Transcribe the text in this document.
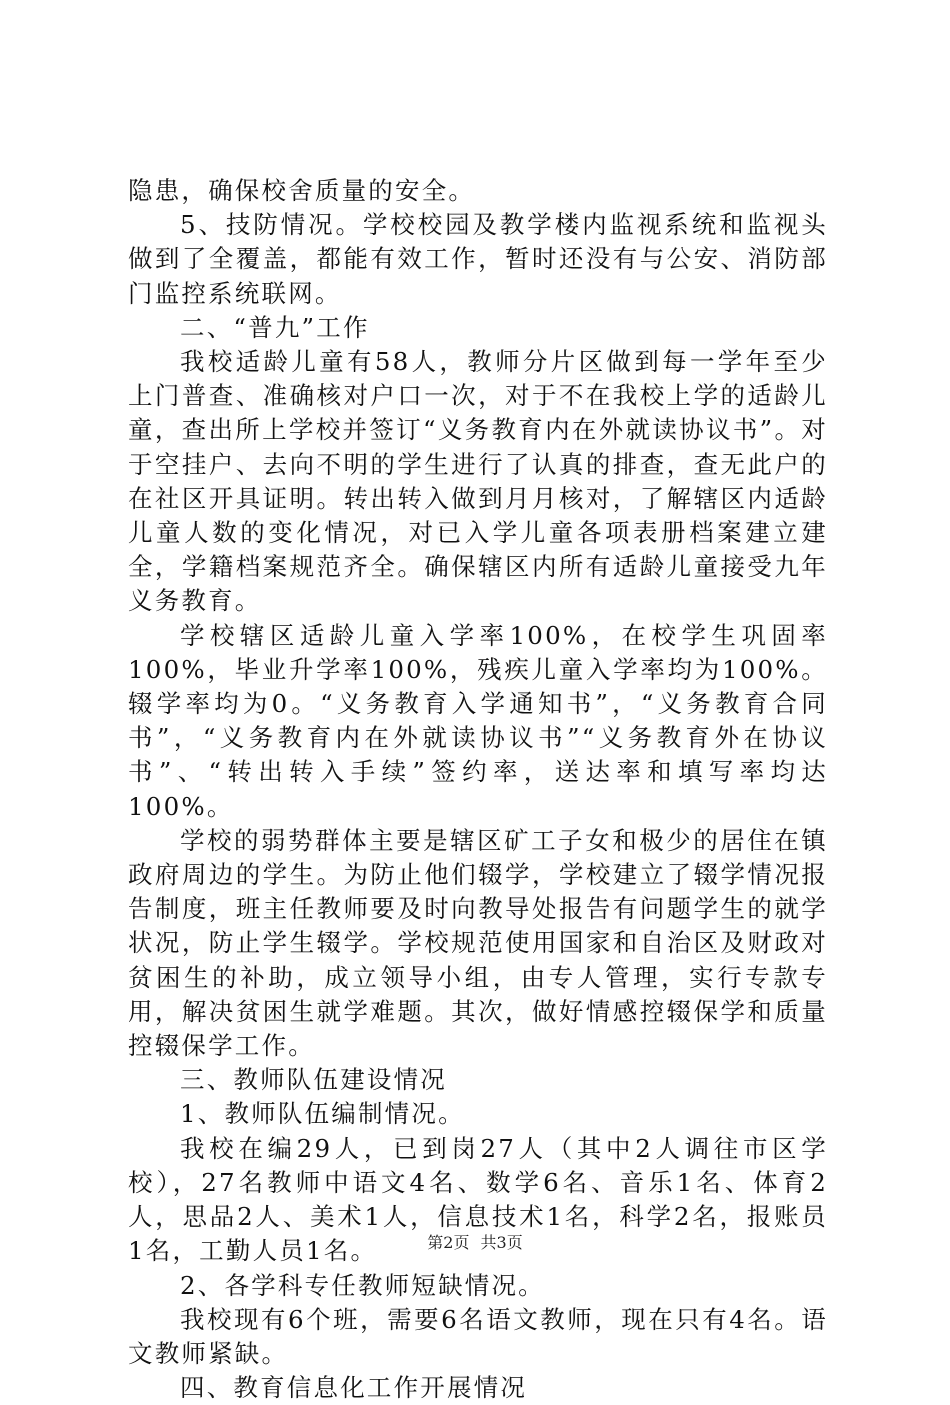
隐患，确保校舍质量的安全。

5、技防情况。学校校园及教学楼内监视系统和监视头做到了全覆盖，都能有效工作，暂时还没有与公安、消防部门监控系统联网。

二、“普九”工作

我校适龄儿童有58人，教师分片区做到每一学年至少上门普查、准确核对户口一次，对于不在我校上学的适龄儿童，查出所上学校并签订“义务教育内在外就读协议书”。对于空挂户、去向不明的学生进行了认真的排查，查无此户的在社区开具证明。转出转入做到月月核对，了解辖区内适龄儿童人数的变化情况，对已入学儿童各项表册档案建立建全，学籍档案规范齐全。确保辖区内所有适龄儿童接受九年义务教育。

学校辖区适龄儿童入学率100%，在校学生巩固率100%，毕业升学率100%，残疾儿童入学率均为100%。辍学率均为0。“义务教育入学通知书”，“义务教育合同书”，“义务教育内在外就读协议书”“义务教育外在协议书”、“转出转入手续”签约率，送达率和填写率均达100%。

学校的弱势群体主要是辖区矿工子女和极少的居住在镇政府周边的学生。为防止他们辍学，学校建立了辍学情况报告制度，班主任教师要及时向教导处报告有问题学生的就学状况，防止学生辍学。学校规范使用国家和自治区及财政对贫困生的补助，成立领导小组，由专人管理，实行专款专用，解决贫困生就学难题。其次，做好情感控辍保学和质量控辍保学工作。

三、教师队伍建设情况

1、教师队伍编制情况。

我校在编29人，已到岗27人（其中2人调往市区学校），27名教师中语文4名、数学6名、音乐1名、体育2人，思品2人、美术1人，信息技术1名，科学2名，报账员1名，工勤人员1名。

2、各学科专任教师短缺情况。

我校现有6个班，需要6名语文教师，现在只有4名。语文教师紧缺。

四、教育信息化工作开展情况

第2页 共3页
